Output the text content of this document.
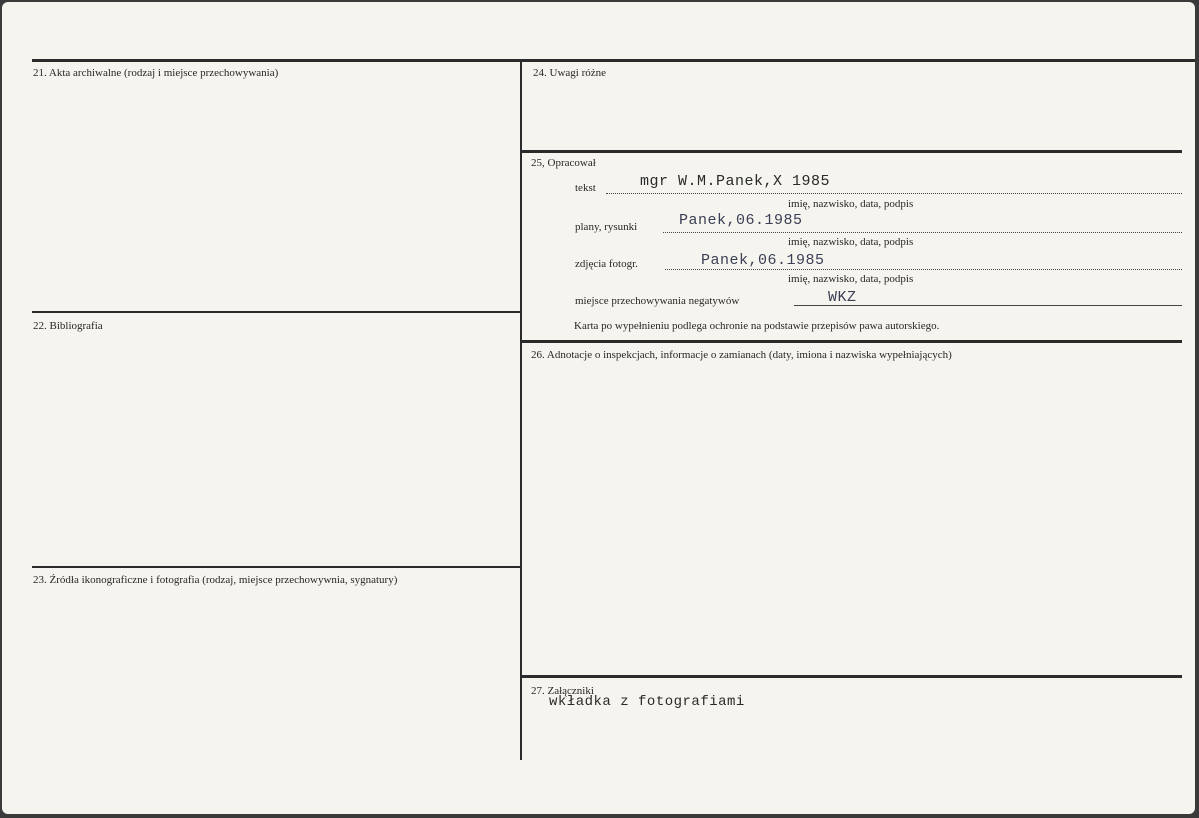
21. Akta archiwalne (rodzaj i miejsce przechowywania)
22. Bibliografia
23. Źródła ikonograficzne i fotografia (rodzaj, miejsce przechowywnia, sygnatury)
24. Uwagi różne
25, Opracował
tekst	mgr W.M.Panek,X 1985
imię, nazwisko, data, podpis
plany, rysunki	Panek,06.1985
imię, nazwisko, data, podpis
zdjęcia fotogr.	Panek,06.1985
imię, nazwisko, data, podpis
miejsce przechowywania negatywów	WKZ
Karta po wypełnieniu podlega ochronie na podstawie przepisów pawa autorskiego.
26. Adnotacje o inspekcjach, informacje o zamianach (daty, imiona i nazwiska wypełniających)
27. Załączniki
wkładka z fotografiami
